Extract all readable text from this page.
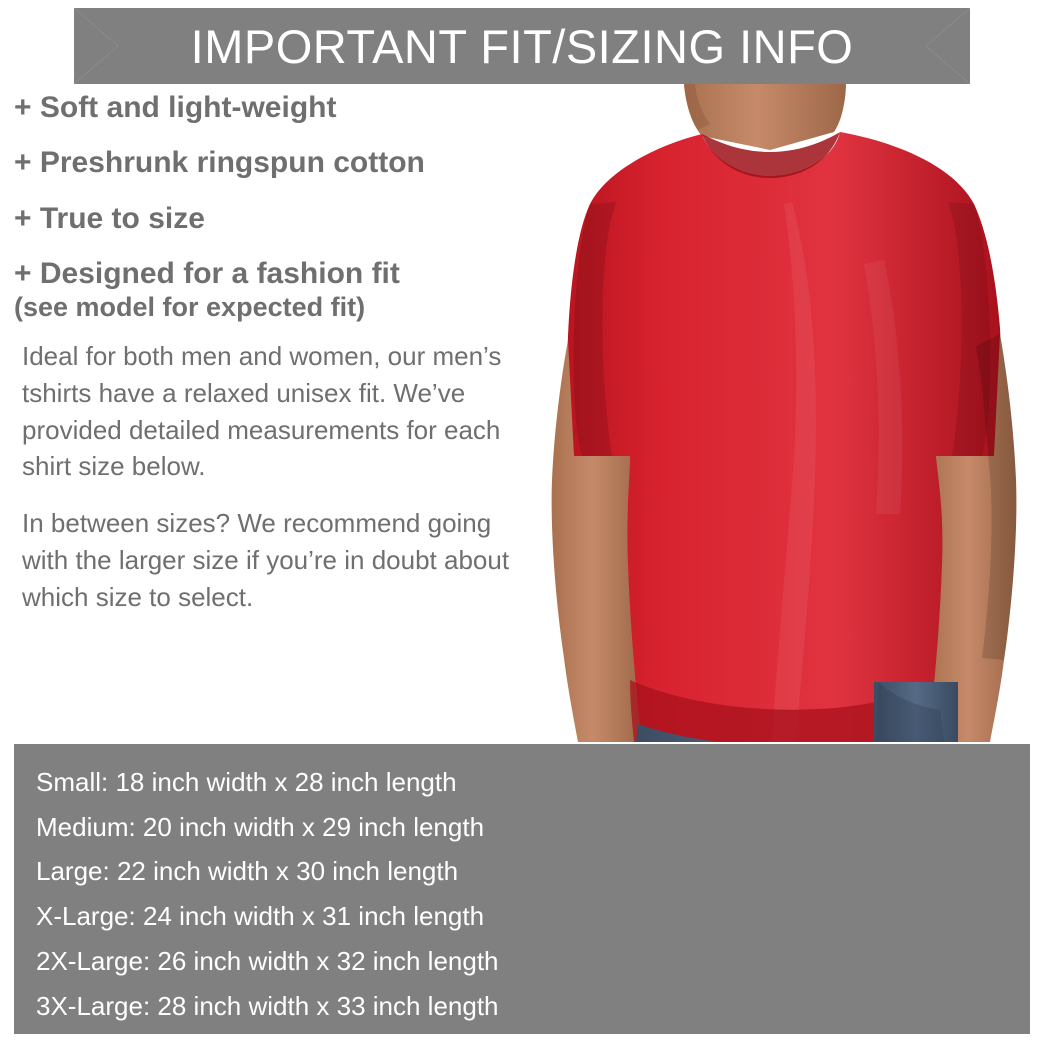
IMPORTANT FIT/SIZING INFO
+ Soft and light-weight
+ Preshrunk ringspun cotton
+ True to size
+ Designed for a fashion fit
(see model for expected fit)

Ideal for both men and women, our men’s tshirts have a relaxed unisex fit. We’ve provided detailed measurements for each shirt size below.

In between sizes? We recommend going with the larger size if you’re in doubt about which size to select.

Small: 18 inch width x 28 inch length
Medium: 20 inch width x 29 inch length
Large: 22 inch width x 30 inch length
X-Large: 24 inch width x 31 inch length
2X-Large: 26 inch width x 32 inch length
3X-Large: 28 inch width x 33 inch length
